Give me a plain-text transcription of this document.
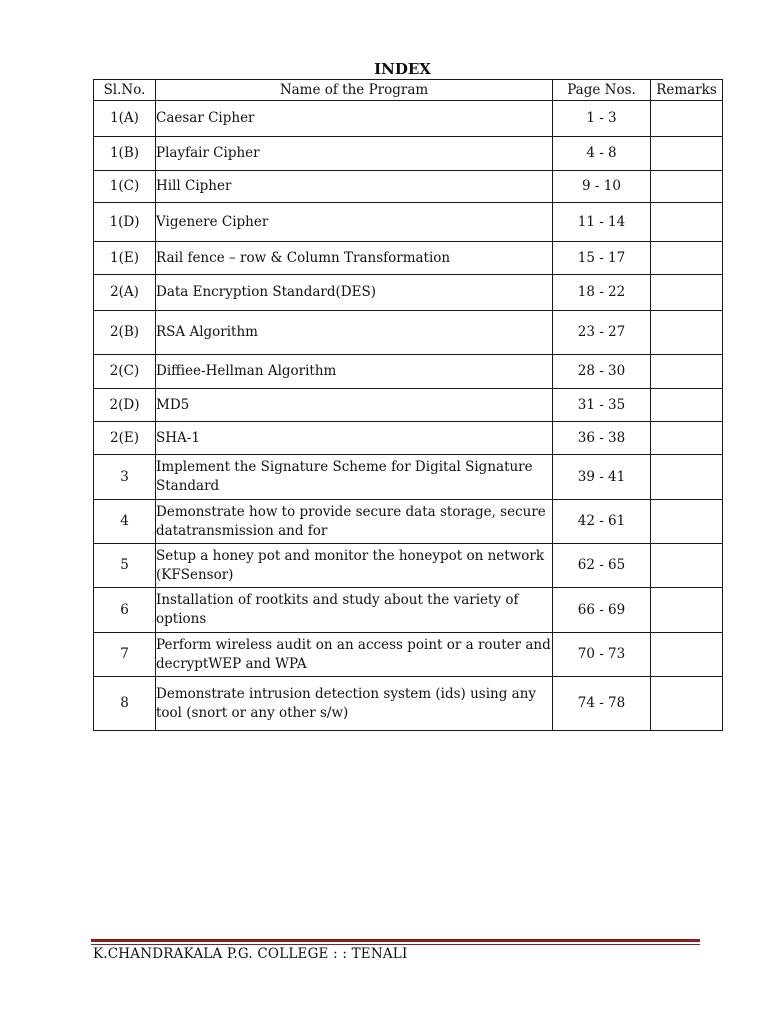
INDEX
Sl.No.	Name of the Program	Page Nos.	Remarks
1(A)	Caesar Cipher	1 - 3	
1(B)	Playfair Cipher	4 - 8	
1(C)	Hill Cipher	9 - 10	
1(D)	Vigenere Cipher	11 - 14	
1(E)	Rail fence – row & Column Transformation	15 - 17	
2(A)	Data Encryption Standard(DES)	18 - 22	
2(B)	RSA Algorithm	23 - 27	
2(C)	Diffiee-Hellman Algorithm	28 - 30	
2(D)	MD5	31 - 35	
2(E)	SHA-1	36 - 38	
3	Implement the Signature Scheme for Digital Signature Standard	39 - 41	
4	Demonstrate how to provide secure data storage, secure datatransmission and for	42 - 61	
5	Setup a honey pot and monitor the honeypot on network (KFSensor)	62 - 65	
6	Installation of rootkits and study about the variety of options	66 - 69	
7	Perform wireless audit on an access point or a router and decryptWEP and WPA	70 - 73	
8	Demonstrate intrusion detection system (ids) using any tool (snort or any other s/w)	74 - 78	
K.CHANDRAKALA P.G. COLLEGE : : TENALI
